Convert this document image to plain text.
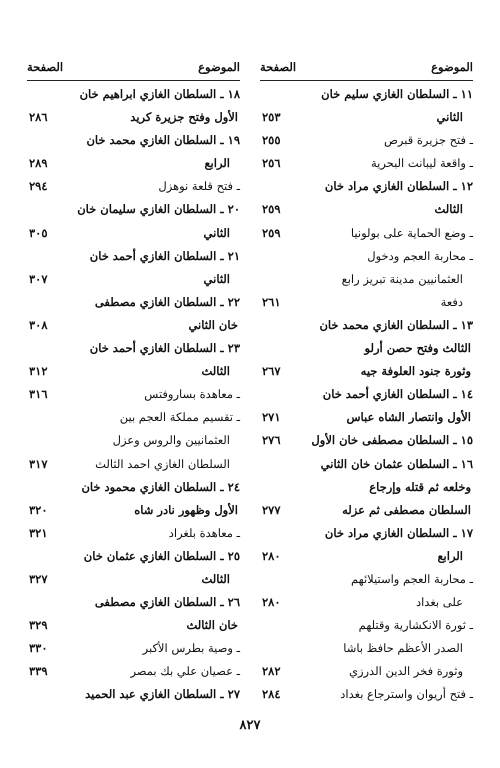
الموضوع
الصفحة
١١ ـ السلطان الغازي سليم خان
الثاني
٢٥٣
ـ فتح جزيرة قبرص
٢٥٥
ـ واقعة ليبانت البحرية
٢٥٦
١٢ ـ السلطان الغازي مراد خان
الثالث
٢٥٩
ـ وضع الحماية على بولونيا
٢٥٩
ـ محاربة العجم ودخول
العثمانيين مدينة تبريز رابع
دفعة
٢٦١
١٣ ـ السلطان الغازي محمد خان
الثالث وفتح حصن أرلو
وثورة جنود العلوفة جيه
٢٦٧
١٤ ـ السلطان الغازي أحمد خان
الأول وانتصار الشاه عباس
٢٧١
١٥ ـ السلطان مصطفى خان الأول
٢٧٦
١٦ ـ السلطان عثمان خان الثاني
وخلعه ثم قتله وإرجاع
السلطان مصطفى ثم عزله
٢٧٧
١٧ ـ السلطان الغازي مراد خان
الرابع
٢٨٠
ـ محاربة العجم واستيلائهم
على بغداد
٢٨٠
ـ ثورة الانكشارية وقتلهم
الصدر الأعظم حافظ باشا
وثورة فخر الدين الدرزي
٢٨٢
ـ فتح أريوان واسترجاع بغداد
٢٨٤
الموضوع
الصفحة
١٨ ـ السلطان الغازي ابراهيم خان
الأول وفتح جزيرة كريد
٢٨٦
١٩ ـ السلطان الغازي محمد خان
الرابع
٢٨٩
ـ فتح قلعة نوهزل
٢٩٤
٢٠ ـ السلطان الغازي سليمان خان
الثاني
٣٠٥
٢١ ـ السلطان الغازي أحمد خان
الثاني
٣٠٧
٢٢ ـ السلطان الغازي مصطفى
خان الثاني
٣٠٨
٢٣ ـ السلطان الغازي أحمد خان
الثالث
٣١٢
ـ معاهدة بساروفتس
٣١٦
ـ تقسيم مملكة العجم بين
العثمانيين والروس وعزل
السلطان الغازي احمد الثالث
٣١٧
٢٤ ـ السلطان الغازي محمود خان
الأول وظهور نادر شاه
٣٢٠
ـ معاهدة بلغراد
٣٢١
٢٥ ـ السلطان الغازي عثمان خان
الثالث
٣٢٧
٢٦ ـ السلطان الغازي مصطفى
خان الثالث
٣٢٩
ـ وصية بطرس الأكبر
٣٣٠
ـ عصيان علي بك بمصر
٣٣٩
٢٧ ـ السلطان الغازي عبد الحميد
٨٢٧
